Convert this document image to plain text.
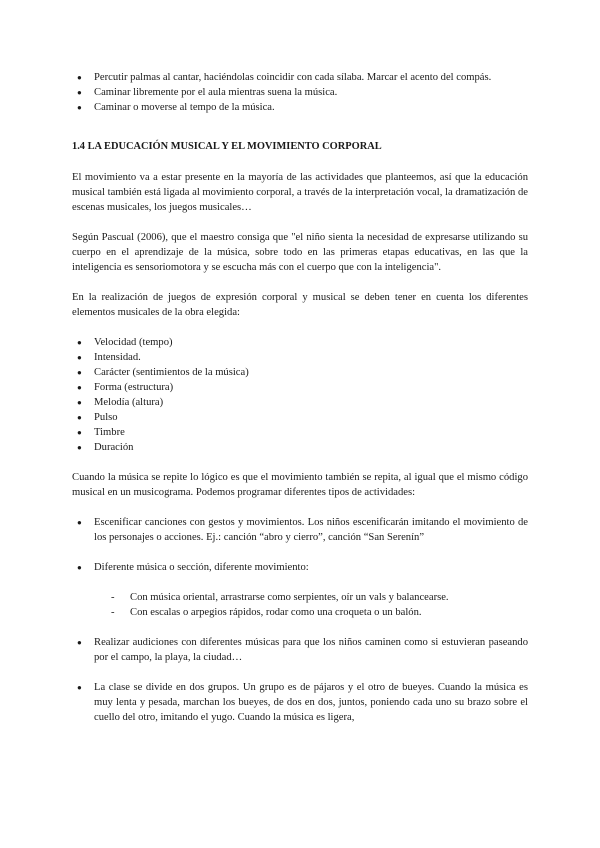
● Percutir palmas al cantar, haciéndolas coincidir con cada sílaba. Marcar el acento del compás.
● Caminar libremente por el aula mientras suena la música.
● Caminar o moverse al tempo de la música.
1.4 LA EDUCACIÓN MUSICAL Y EL MOVIMIENTO CORPORAL

El movimiento va a estar presente en la mayoría de las actividades que planteemos, así que la educación musical también está ligada al movimiento corporal, a través de la interpretación vocal, la dramatización de escenas musicales, los juegos musicales…

Según Pascual (2006), que el maestro consiga que "el niño sienta la necesidad de expresarse utilizando su cuerpo en el aprendizaje de la música, sobre todo en las primeras etapas educativas, en las que la inteligencia es sensoriomotora y se escucha más con el cuerpo que con la inteligencia".

En la realización de juegos de expresión corporal y musical se deben tener en cuenta los diferentes elementos musicales de la obra elegida:

● Velocidad (tempo)
● Intensidad.
● Carácter (sentimientos de la música)
● Forma (estructura)
● Melodía (altura)
● Pulso
● Timbre
● Duración

Cuando la música se repite lo lógico es que el movimiento también se repita, al igual que el mismo código musical en un musicograma. Podemos programar diferentes tipos de actividades:

● Escenificar canciones con gestos y movimientos. Los niños escenificarán imitando el movimiento de los personajes o acciones. Ej.: canción “abro y cierro”, canción “San Serenín”
● Diferente música o sección, diferente movimiento:
- Con música oriental, arrastrarse como serpientes, oír un vals y balancearse.
- Con escalas o arpegios rápidos, rodar como una croqueta o un balón.
● Realizar audiciones con diferentes músicas para que los niños caminen como si estuvieran paseando por el campo, la playa, la ciudad…
● La clase se divide en dos grupos. Un grupo es de pájaros y el otro de bueyes. Cuando la música es muy lenta y pesada, marchan los bueyes, de dos en dos, juntos, poniendo cada uno su brazo sobre el cuello del otro, imitando el yugo. Cuando la música es ligera,
